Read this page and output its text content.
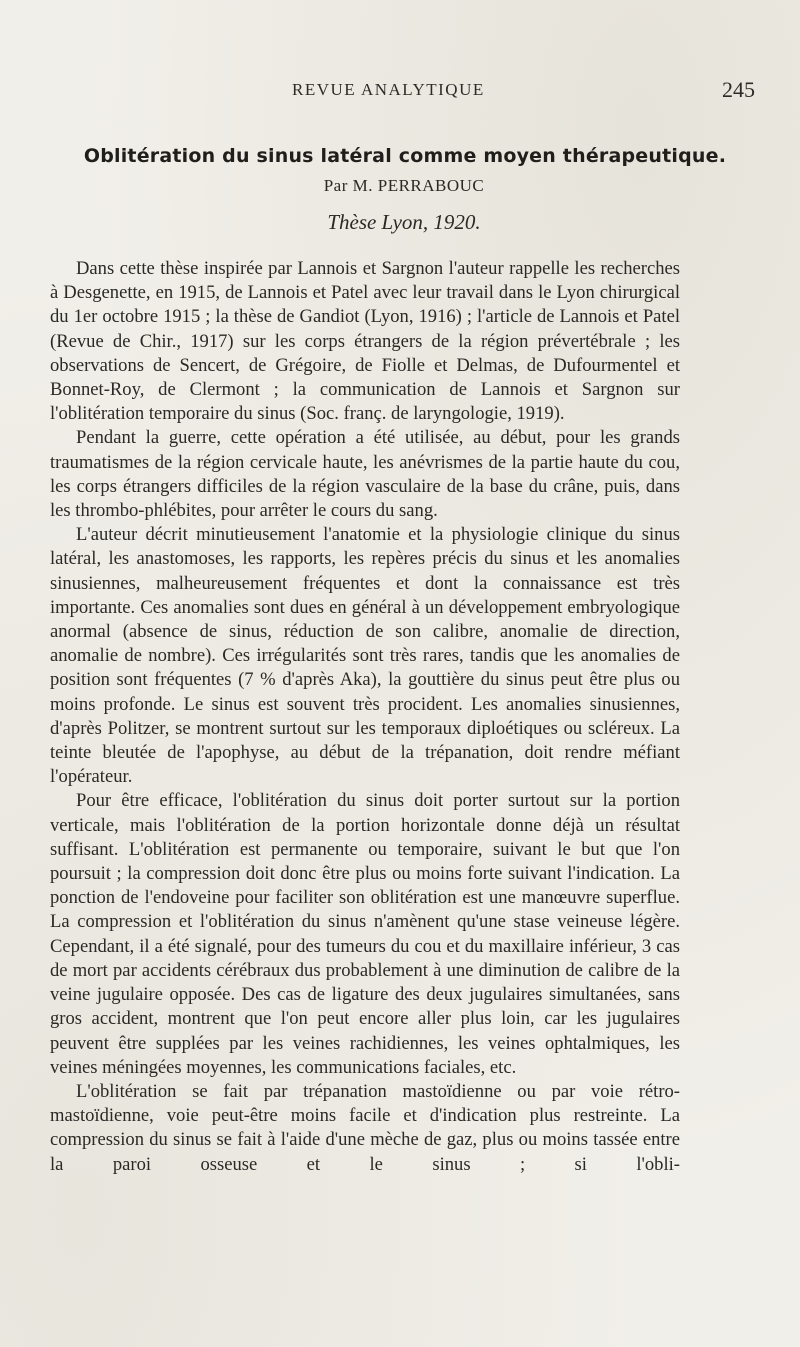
REVUE ANALYTIQUE	245
Oblitération du sinus latéral comme moyen thérapeutique.
Par M. PERRABOUC
Thèse Lyon, 1920.

Dans cette thèse inspirée par Lannois et Sargnon l'auteur rappelle les recherches à Desgenette, en 1915, de Lannois et Patel avec leur travail dans le Lyon chirurgical du 1er octobre 1915 ; la thèse de Gandiot (Lyon, 1916) ; l'article de Lannois et Patel (Revue de Chir., 1917) sur les corps étrangers de la région prévertébrale ; les observations de Sencert, de Grégoire, de Fiolle et Delmas, de Dufourmentel et Bonnet-Roy, de Clermont ; la communication de Lannois et Sargnon sur l'oblitération temporaire du sinus (Soc. franç. de laryngologie, 1919).

Pendant la guerre, cette opération a été utilisée, au début, pour les grands traumatismes de la région cervicale haute, les anévrismes de la partie haute du cou, les corps étrangers difficiles de la région vasculaire de la base du crâne, puis, dans les thrombo-phlébites, pour arrêter le cours du sang.

L'auteur décrit minutieusement l'anatomie et la physiologie clinique du sinus latéral, les anastomoses, les rapports, les repères précis du sinus et les anomalies sinusiennes, malheureusement fréquentes et dont la connaissance est très importante. Ces anomalies sont dues en général à un développement embryologique anormal (absence de sinus, réduction de son calibre, anomalie de direction, anomalie de nombre). Ces irrégularités sont très rares, tandis que les anomalies de position sont fréquentes (7 % d'après Aka), la gouttière du sinus peut être plus ou moins profonde. Le sinus est souvent très procident. Les anomalies sinusiennes, d'après Politzer, se montrent surtout sur les temporaux diploétiques ou scléreux. La teinte bleutée de l'apophyse, au début de la trépanation, doit rendre méfiant l'opérateur.

Pour être efficace, l'oblitération du sinus doit porter surtout sur la portion verticale, mais l'oblitération de la portion horizontale donne déjà un résultat suffisant. L'oblitération est permanente ou temporaire, suivant le but que l'on poursuit ; la compression doit donc être plus ou moins forte suivant l'indication. La ponction de l'endoveine pour faciliter son oblitération est une manœuvre superflue. La compression et l'oblitération du sinus n'amènent qu'une stase veineuse légère. Cependant, il a été signalé, pour des tumeurs du cou et du maxillaire inférieur, 3 cas de mort par accidents cérébraux dus probablement à une diminution de calibre de la veine jugulaire opposée. Des cas de ligature des deux jugulaires simultanées, sans gros accident, montrent que l'on peut encore aller plus loin, car les jugulaires peuvent être supplées par les veines rachidiennes, les veines ophtalmiques, les veines méningées moyennes, les communications faciales, etc.

L'oblitération se fait par trépanation mastoïdienne ou par voie rétro-mastoïdienne, voie peut-être moins facile et d'indication plus restreinte. La compression du sinus se fait à l'aide d'une mèche de gaz, plus ou moins tassée entre la paroi osseuse et le sinus ; si l'obli-
